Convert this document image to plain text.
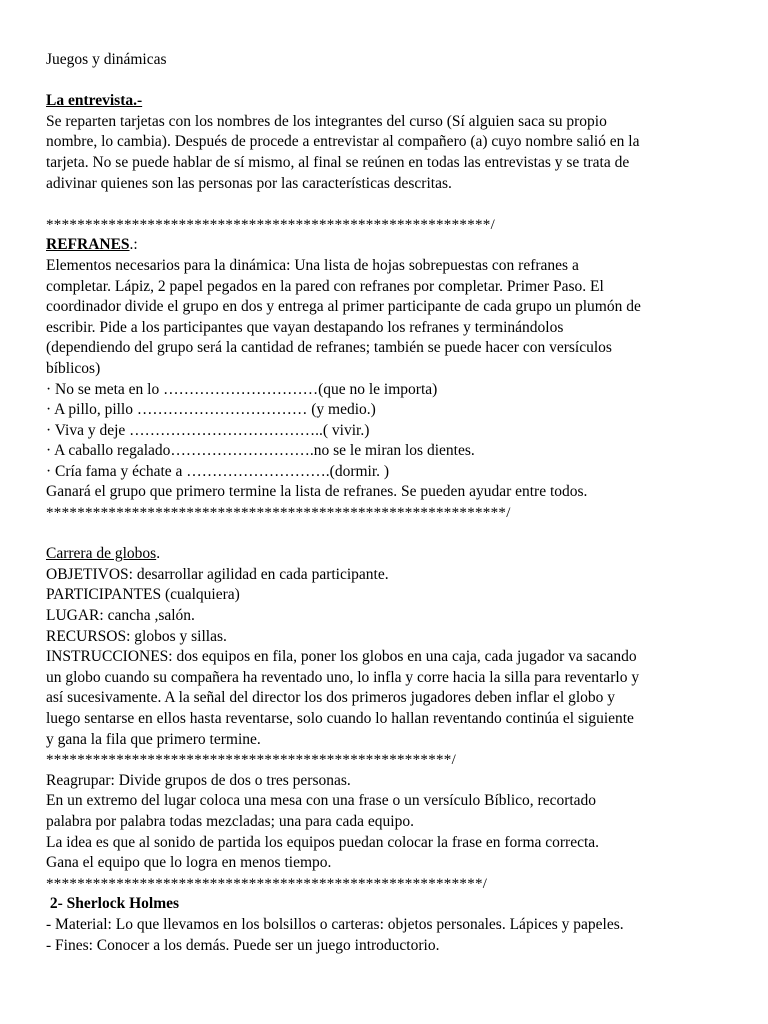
Juegos y dinámicas
La entrevista.-
Se reparten tarjetas con los nombres de los integrantes del curso (Sí alguien saca su propio
nombre, lo cambia). Después de procede a entrevistar al compañero (a) cuyo nombre salió en la
tarjeta. No se puede hablar de sí mismo, al final se reúnen en todas las entrevistas y se trata de
adivinar quienes son las personas por las características descritas.
*********************************************************/
REFRANES.:
Elementos necesarios para la dinámica: Una lista de hojas sobrepuestas con refranes a
completar. Lápiz, 2 papel pegados en la pared con refranes por completar. Primer Paso. El
coordinador divide el grupo en dos y entrega al primer participante de cada grupo un plumón de
escribir. Pide a los participantes que vayan destapando los refranes y terminándolos
(dependiendo del grupo será la cantidad de refranes; también se puede hacer con versículos
bíblicos)
· No se meta en lo …………………………(que no le importa)
· A pillo, pillo …………………………… (y medio.)
· Viva y deje ………………………………..( vivir.)
· A caballo regalado……………………….no se le miran los dientes.
· Cría fama y échate a ……………………….(dormir. )
Ganará el grupo que primero termine la lista de refranes. Se pueden ayudar entre todos.
***********************************************************/
Carrera de globos.
OBJETIVOS: desarrollar agilidad en cada participante.
PARTICIPANTES (cualquiera)
LUGAR: cancha ,salón.
RECURSOS: globos y sillas.
INSTRUCCIONES: dos equipos en fila, poner los globos en una caja, cada jugador va sacando
un globo cuando su compañera ha reventado uno, lo infla y corre hacia la silla para reventarlo y
así sucesivamente. A la señal del director los dos primeros jugadores deben inflar el globo y
luego sentarse en ellos hasta reventarse, solo cuando lo hallan reventando continúa el siguiente
y gana la fila que primero termine.
****************************************************/
Reagrupar: Divide grupos de dos o tres personas.
En un extremo del lugar coloca una mesa con una frase o un versículo Bíblico, recortado
palabra por palabra todas mezcladas; una para cada equipo.
La idea es que al sonido de partida los equipos puedan colocar la frase en forma correcta.
Gana el equipo que lo logra en menos tiempo.
********************************************************/
2- Sherlock Holmes
- Material: Lo que llevamos en los bolsillos o carteras: objetos personales. Lápices y papeles.
- Fines: Conocer a los demás. Puede ser un juego introductorio.
